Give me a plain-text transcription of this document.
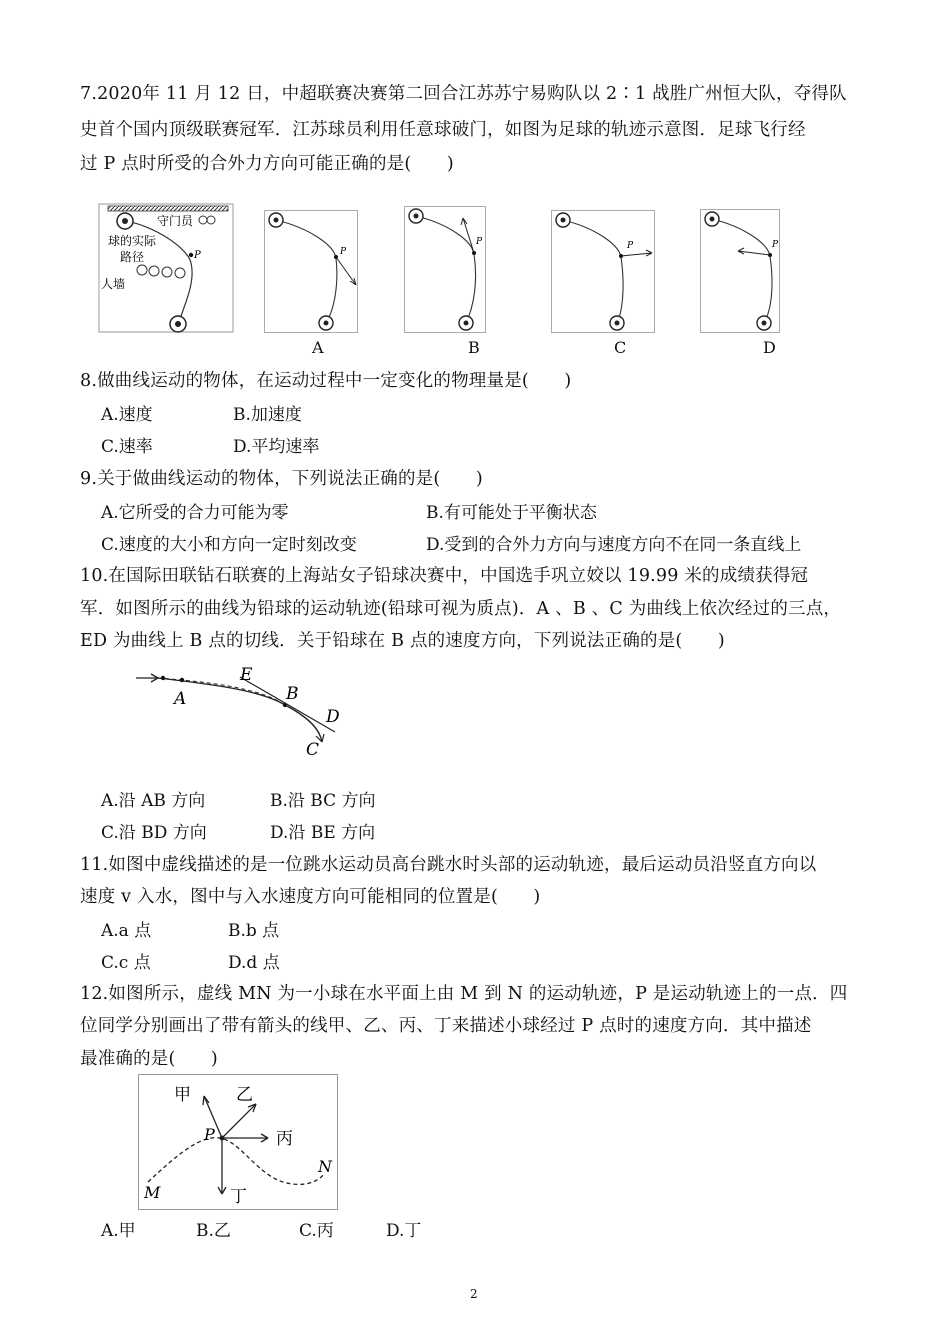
7.2020年 11 月 12 日，中超联赛决赛第二回合江苏苏宁易购队以 2∶1 战胜广州恒大队，夺得队
史首个国内顶级联赛冠军．江苏球员利用任意球破门，如图为足球的轨迹示意图．足球飞行经
过 P 点时所受的合外力方向可能正确的是(　　)
守门员
球的实际
路径	P
人墙
P
A
P
B
P
C
P
D
8.做曲线运动的物体，在运动过程中一定变化的物理量是(　　)
A.速度	B.加速度
C.速率	D.平均速率
9.关于做曲线运动的物体，下列说法正确的是(　　)
A.它所受的合力可能为零	B.有可能处于平衡状态
C.速度的大小和方向一定时刻改变	D.受到的合外力方向与速度方向不在同一条直线上
10.在国际田联钻石联赛的上海站女子铅球决赛中，中国选手巩立姣以 19.99 米的成绩获得冠
军．如图所示的曲线为铅球的运动轨迹(铅球可视为质点)．A 、B 、C 为曲线上依次经过的三点，
ED 为曲线上 B 点的切线．关于铅球在 B 点的速度方向，下列说法正确的是(　　)
A
E
B
D
C
A.沿 AB 方向	B.沿 BC 方向
C.沿 BD 方向	D.沿 BE 方向
11.如图中虚线描述的是一位跳水运动员高台跳水时头部的运动轨迹，最后运动员沿竖直方向以
速度 v 入水，图中与入水速度方向可能相同的位置是(　　)
A.a 点	B.b 点
C.c 点	D.d 点
12.如图所示，虚线 MN 为一小球在水平面上由 M 到 N 的运动轨迹，P 是运动轨迹上的一点．四
位同学分别画出了带有箭头的线甲、乙、丙、丁来描述小球经过 P 点时的速度方向．其中描述
最准确的是(　　)
甲	乙
丙
丁
P
M
N
A.甲	B.乙	C.丙	D.丁
2
